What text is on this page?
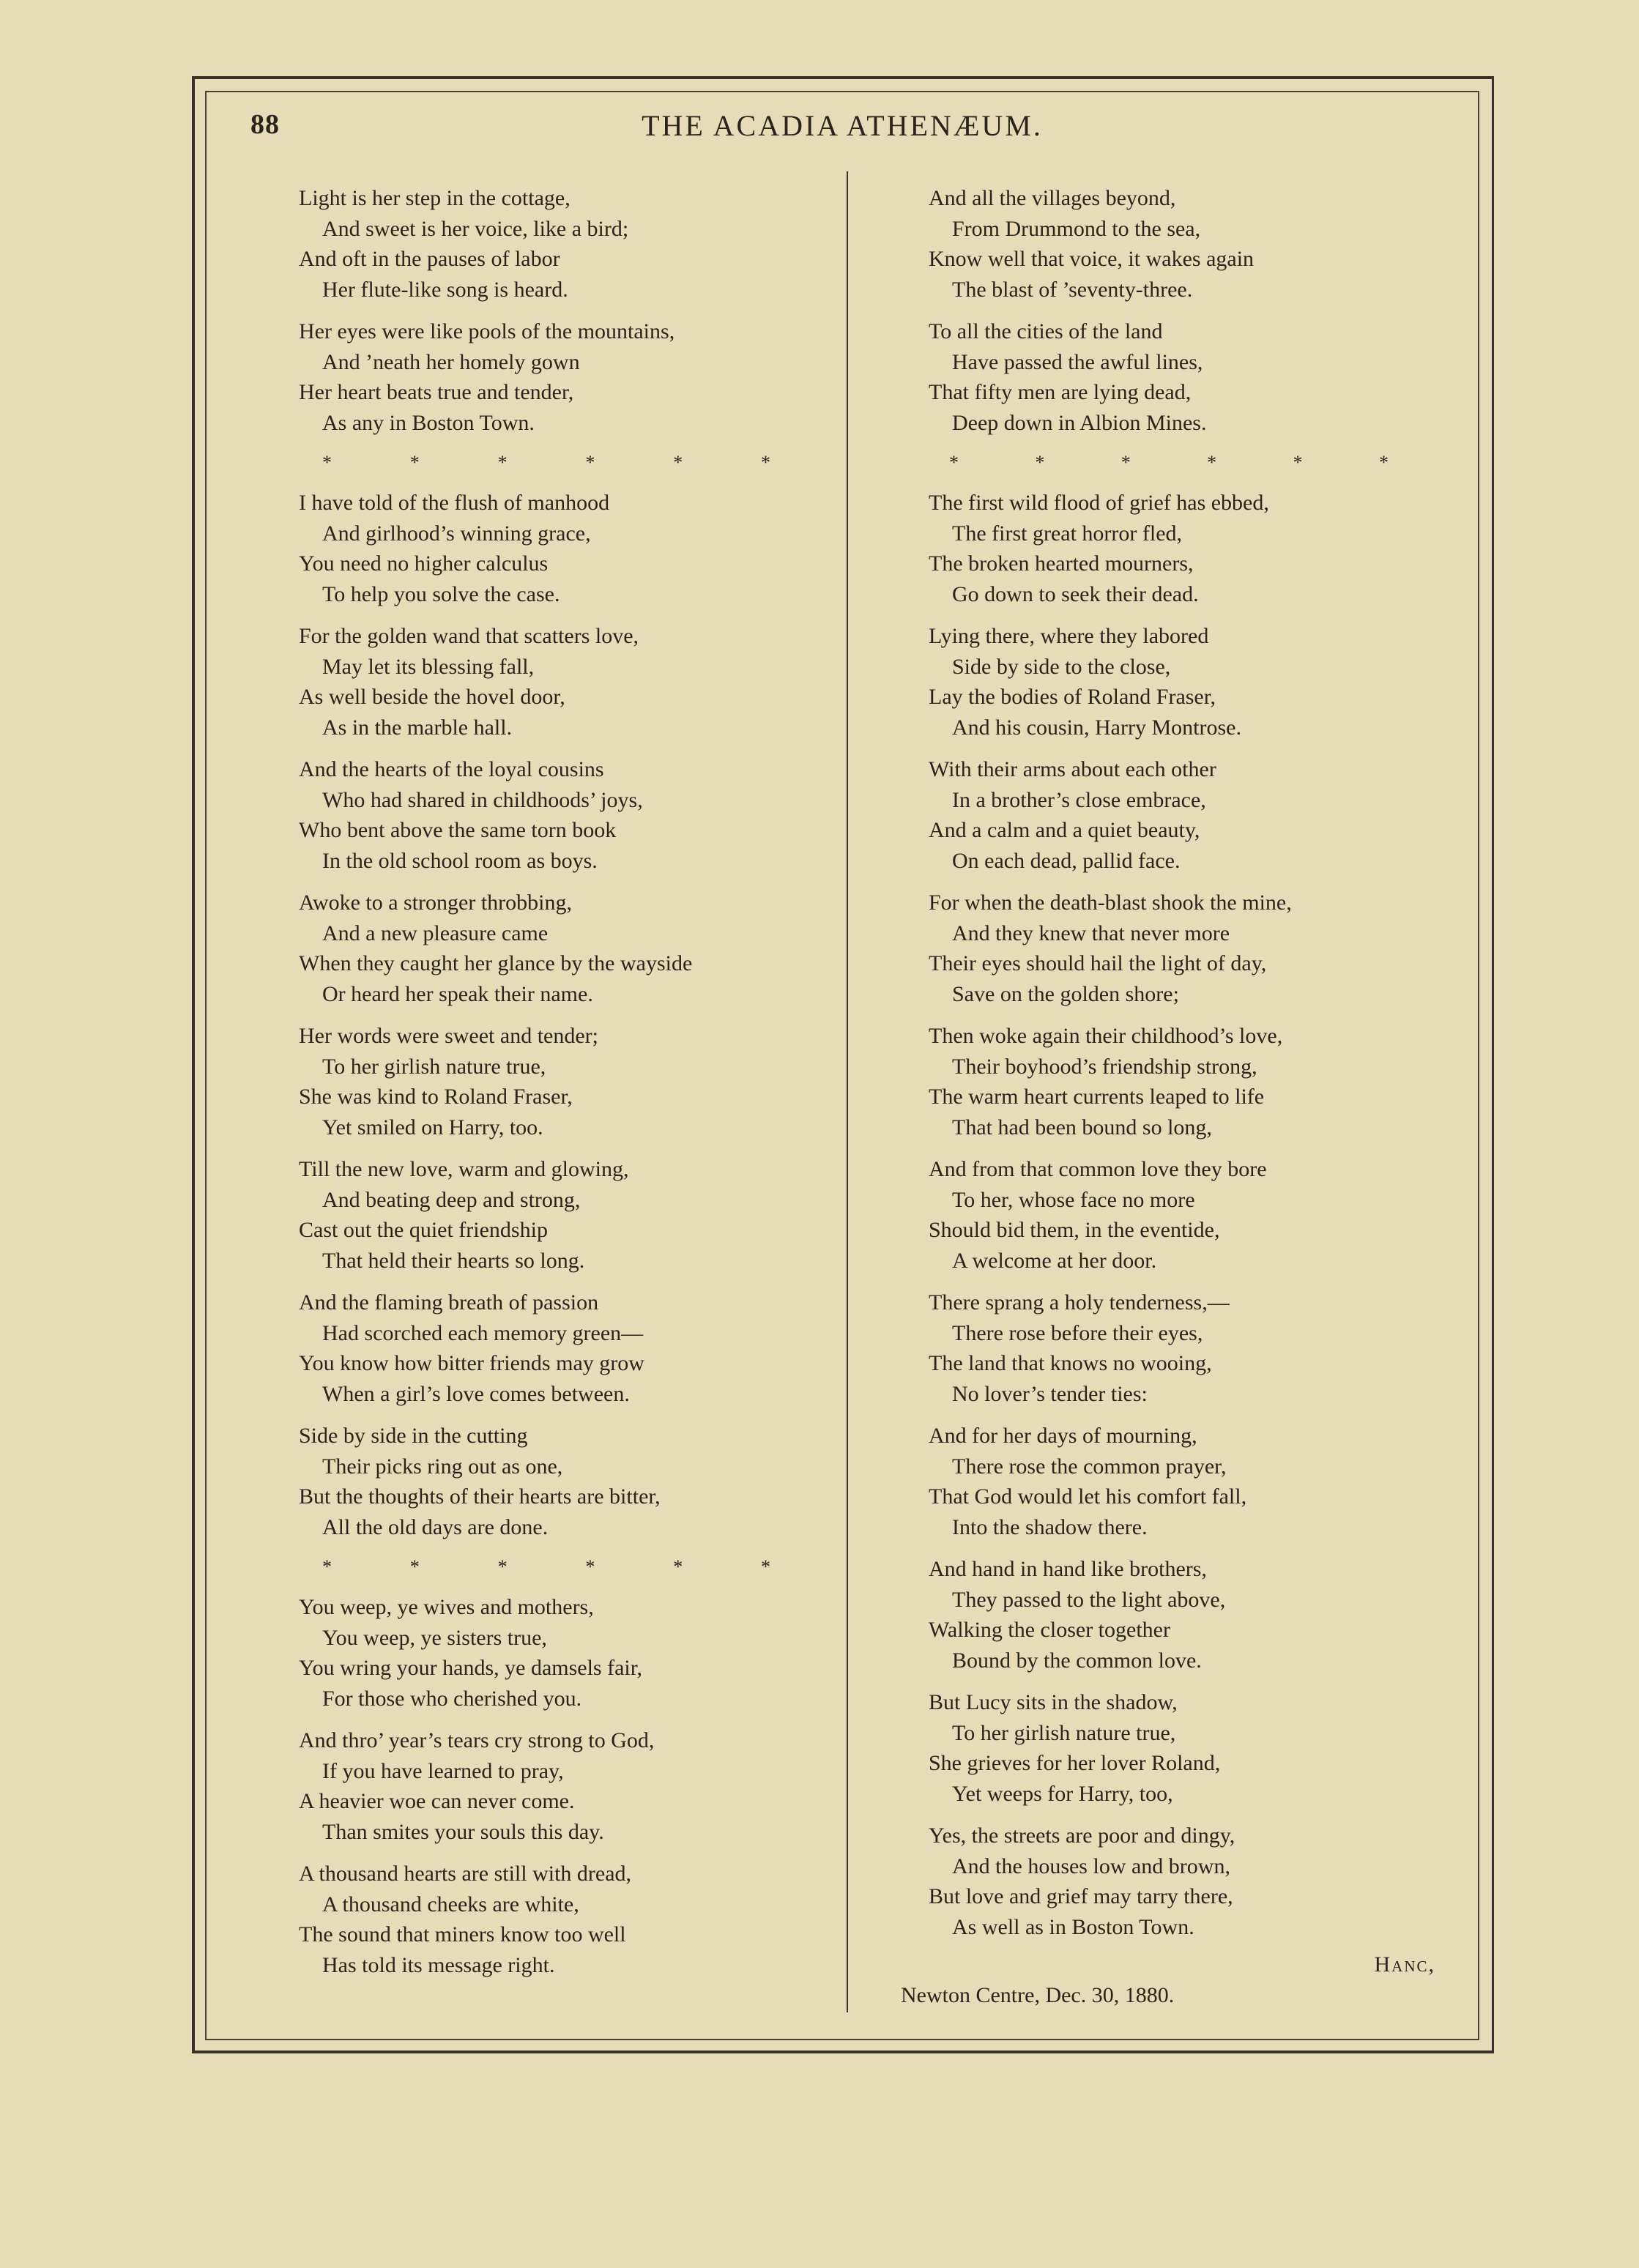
88	THE ACADIA ATHENÆUM.
Light is her step in the cottage,
And sweet is her voice, like a bird;
And oft in the pauses of labor
Her flute-like song is heard.
Her eyes were like pools of the mountains,
And ’neath her homely gown
Her heart beats true and tender,
As any in Boston Town.
*	*	*	*	*	*
I have told of the flush of manhood
And girlhood’s winning grace,
You need no higher calculus
To help you solve the case.
For the golden wand that scatters love,
May let its blessing fall,
As well beside the hovel door,
As in the marble hall.
And the hearts of the loyal cousins
Who had shared in childhoods’ joys,
Who bent above the same torn book
In the old school room as boys.
Awoke to a stronger throbbing,
And a new pleasure came
When they caught her glance by the wayside
Or heard her speak their name.
Her words were sweet and tender;
To her girlish nature true,
She was kind to Roland Fraser,
Yet smiled on Harry, too.
Till the new love, warm and glowing,
And beating deep and strong,
Cast out the quiet friendship
That held their hearts so long.
And the flaming breath of passion
Had scorched each memory green—
You know how bitter friends may grow
When a girl’s love comes between.
Side by side in the cutting
Their picks ring out as one,
But the thoughts of their hearts are bitter,
All the old days are done.
*	*	*	*	*	*
You weep, ye wives and mothers,
You weep, ye sisters true,
You wring your hands, ye damsels fair,
For those who cherished you.
And thro’ year’s tears cry strong to God,
If you have learned to pray,
A heavier woe can never come.
Than smites your souls this day.
A thousand hearts are still with dread,
A thousand cheeks are white,
The sound that miners know too well
Has told its message right.
And all the villages beyond,
From Drummond to the sea,
Know well that voice, it wakes again
The blast of ’seventy-three.
To all the cities of the land
Have passed the awful lines,
That fifty men are lying dead,
Deep down in Albion Mines.
*	*	*	*	*	*
The first wild flood of grief has ebbed,
The first great horror fled,
The broken hearted mourners,
Go down to seek their dead.
Lying there, where they labored
Side by side to the close,
Lay the bodies of Roland Fraser,
And his cousin, Harry Montrose.
With their arms about each other
In a brother’s close embrace,
And a calm and a quiet beauty,
On each dead, pallid face.
For when the death-blast shook the mine,
And they knew that never more
Their eyes should hail the light of day,
Save on the golden shore;
Then woke again their childhood’s love,
Their boyhood’s friendship strong,
The warm heart currents leaped to life
That had been bound so long,
And from that common love they bore
To her, whose face no more
Should bid them, in the eventide,
A welcome at her door.
There sprang a holy tenderness,—
There rose before their eyes,
The land that knows no wooing,
No lover’s tender ties:
And for her days of mourning,
There rose the common prayer,
That God would let his comfort fall,
Into the shadow there.
And hand in hand like brothers,
They passed to the light above,
Walking the closer together
Bound by the common love.
But Lucy sits in the shadow,
To her girlish nature true,
She grieves for her lover Roland,
Yet weeps for Harry, too,
Yes, the streets are poor and dingy,
And the houses low and brown,
But love and grief may tarry there,
As well as in Boston Town.
Hanc,
Newton Centre, Dec. 30, 1880.
